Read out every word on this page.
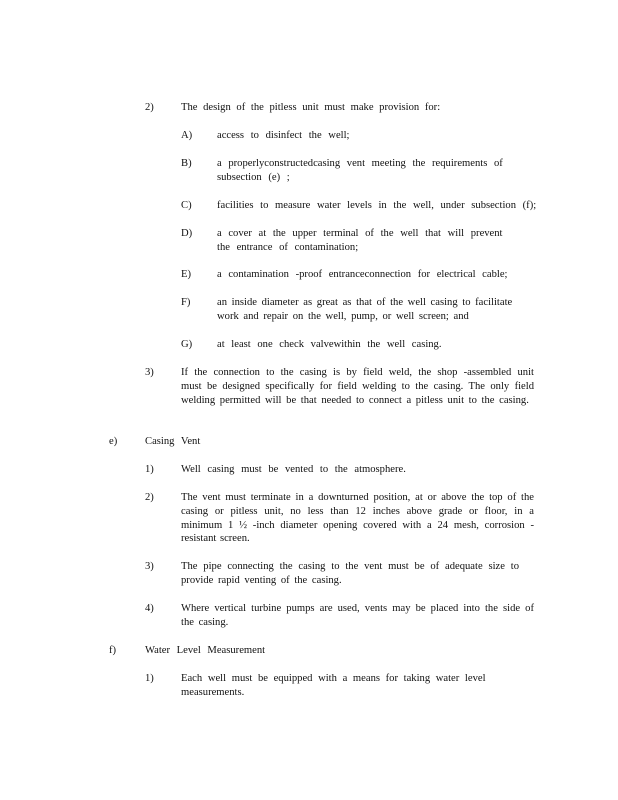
2)	The design of the pitless unit must make provision for:
A) access to disinfect the well;
B) a properlyconstructedcasing vent meeting the requirements of subsection (e) ;
C) facilities to measure water levels in the well, under subsection (f);
D) a cover at the upper terminal of the well that will prevent the entrance of contamination;
E) a contamination -proof entranceconnection for electrical cable;
F)	an inside diameter as great as that of the well casing to facilitate work and repair on the well, pump, or well screen; and
G) at least one check valvewithin the well casing.
3)	If the connection to the casing is by field weld, the shop -assembled unit must be designed specifically for field welding to the casing. The only field welding permitted will be that needed to connect a pitless unit to the casing.
e)	Casing Vent
1)	Well casing must be vented to the atmosphere.
2)	The vent must terminate in a downturned position, at or above the top of the casing or pitless unit, no less than 12 inches above grade or floor, in a minimum 1 ½ -inch diameter opening covered with a 24 mesh, corrosion - resistant screen.
3)	The pipe connecting the casing to the vent must be of adequate size to provide rapid venting of the casing.
4)	Where vertical turbine pumps are used, vents may be placed into the side of the casing.
f)	Water Level Measurement
1)	Each well must be equipped with a means for taking water level measurements.
